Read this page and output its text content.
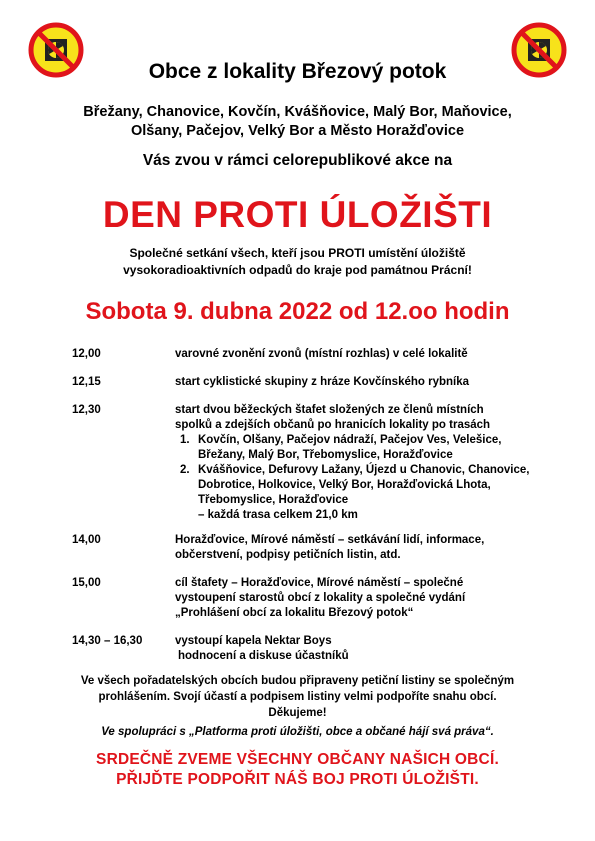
Obce z lokality Březový potok
Břežany, Chanovice, Kovčín, Kvášňovice, Malý Bor, Maňovice,
Olšany, Pačejov, Velký Bor a Město Horažďovice
Vás zvou v rámci celorepublikové akce na
DEN PROTI ÚLOŽIŠTI
Společné setkání všech, kteří jsou PROTI umístění úložiště
vysokoradioaktivních odpadů do kraje pod památnou Prácní!
Sobota 9. dubna 2022 od 12.oo hodin
12,00	varovné zvonění zvonů (místní rozhlas) v celé lokalitě
12,15	start cyklistické skupiny z hráze Kovčínského rybníka
12,30	start dvou běžeckých štafet složených ze členů místních
spolků a zdejších občanů po hranicích lokality po trasách
1. Kovčín, Olšany, Pačejov nádraží, Pačejov Ves, Velešice,
Břežany, Malý Bor, Třebomyslice, Horažďovice
2. Kvášňovice, Defurovy Lažany, Újezd u Chanovic, Chanovice,
Dobrotice, Holkovice, Velký Bor, Horažďovická Lhota,
Třebomyslice, Horažďovice
– každá trasa celkem 21,0 km
14,00	Horažďovice, Mírové náměstí – setkávání lidí, informace,
občerstvení, podpisy petičních listin, atd.
15,00	cíl štafety – Horažďovice, Mírové náměstí – společné
vystoupení starostů obcí z lokality a společné vydání
„Prohlášení obcí za lokalitu Březový potok“
14,30 – 16,30	vystoupí kapela Nektar Boys
hodnocení a diskuse účastníků
Ve všech pořadatelských obcích budou připraveny petiční listiny se společným
prohlášením. Svojí účastí a podpisem listiny velmi podpoříte snahu obcí.
Děkujeme!
Ve spolupráci s „Platforma proti úložišti, obce a občané hájí svá práva“.
SRDEČNĚ ZVEME VŠECHNY OBČANY NAŠICH OBCÍ.
PŘIJĎTE PODPOŘIT NÁŠ BOJ PROTI ÚLOŽIŠTI.
